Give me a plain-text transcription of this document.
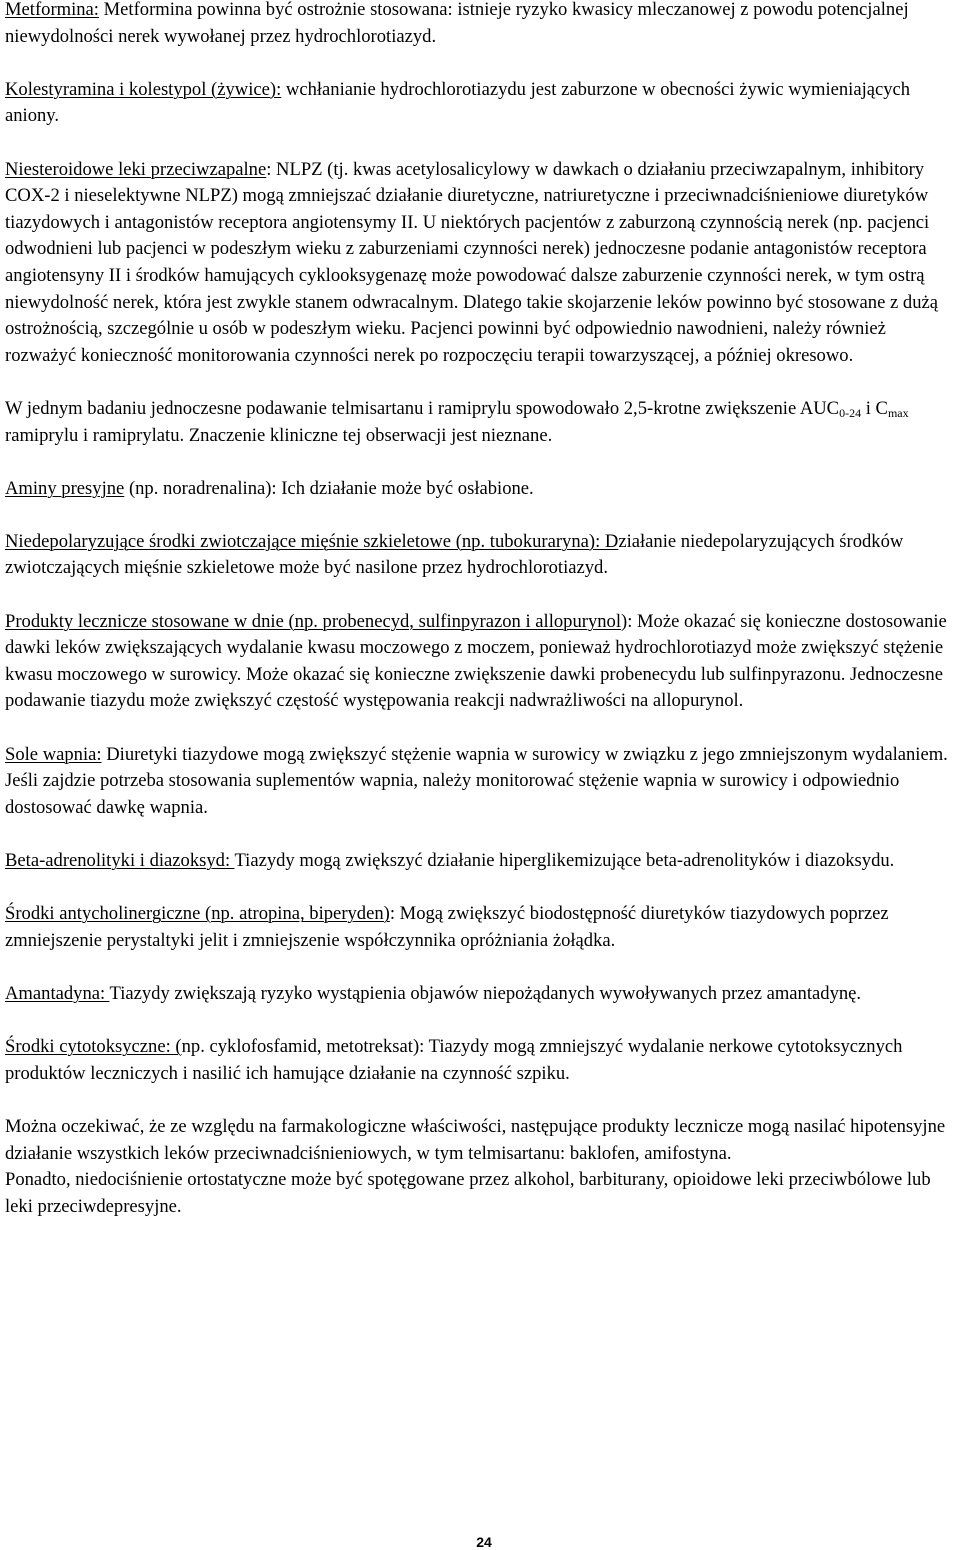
Metformina: Metformina powinna być ostrożnie stosowana: istnieje ryzyko kwasicy mleczanowej z powodu potencjalnej niewydolności nerek wywołanej przez hydrochlorotiazyd.

Kolestyramina i kolestypol (żywice): wchłanianie hydrochlorotiazydu jest zaburzone w obecności żywic wymieniających aniony.

Niesteroidowe leki przeciwzapalne: NLPZ (tj. kwas acetylosalicylowy w dawkach o działaniu przeciwzapalnym, inhibitory COX-2 i nieselektywne NLPZ) mogą zmniejszać działanie diuretyczne, natriuretyczne i przeciwnadciśnieniowe diuretyków tiazydowych i antagonistów receptora angiotensymy II. U niektórych pacjentów z zaburzoną czynnością nerek (np. pacjenci odwodnieni lub pacjenci w podeszłym wieku z zaburzeniami czynności nerek) jednoczesne podanie antagonistów receptora angiotensyny II i środków hamujących cyklooksygenazę może powodować dalsze zaburzenie czynności nerek, w tym ostrą niewydolność nerek, która jest zwykle stanem odwracalnym. Dlatego takie skojarzenie leków powinno być stosowane z dużą ostrożnością, szczególnie u osób w podeszłym wieku. Pacjenci powinni być odpowiednio nawodnieni, należy również rozważyć konieczność monitorowania czynności nerek po rozpoczęciu terapii towarzyszącej, a później okresowo.

W jednym badaniu jednoczesne podawanie telmisartanu i ramiprylu spowodowało 2,5-krotne zwiększenie $AUC_{0-24}$ i $C_{max}$ ramiprylu i ramiprylatu. Znaczenie kliniczne tej obserwacji jest nieznane.

Aminy presyjne (np. noradrenalina): Ich działanie może być osłabione.

Niedepolaryzujące środki zwiotczające mięśnie szkieletowe (np. tubokuraryna): Działanie niedepolaryzujących środków zwiotczających mięśnie szkieletowe może być nasilone przez hydrochlorotiazyd.

Produkty lecznicze stosowane w dnie (np. probenecyd, sulfinpyrazon i allopurynol): Może okazać się konieczne dostosowanie dawki leków zwiększających wydalanie kwasu moczowego z moczem, ponieważ hydrochlorotiazyd może zwiększyć stężenie kwasu moczowego w surowicy. Może okazać się konieczne zwiększenie dawki probenecydu lub sulfinpyrazonu. Jednoczesne podawanie tiazydu może zwiększyć częstość występowania reakcji nadwrażliwości na allopurynol.

Sole wapnia: Diuretyki tiazydowe mogą zwiększyć stężenie wapnia w surowicy w związku z jego zmniejszonym wydalaniem. Jeśli zajdzie potrzeba stosowania suplementów wapnia, należy monitorować stężenie wapnia w surowicy i odpowiednio dostosować dawkę wapnia.

Beta-adrenolityki i diazoksyd: Tiazydy mogą zwiększyć działanie hiperglikemizujące beta-adrenolityków i diazoksydu.

Środki antycholinergiczne (np. atropina, biperyden): Mogą zwiększyć biodostępność diuretyków tiazydowych poprzez zmniejszenie perystaltyki jelit i zmniejszenie współczynnika opróżniania żołądka.

Amantadyna: Tiazydy zwiększają ryzyko wystąpienia objawów niepożądanych wywoływanych przez amantadynę.

Środki cytotoksyczne: (np. cyklofosfamid, metotreksat): Tiazydy mogą zmniejszyć wydalanie nerkowe cytotoksycznych produktów leczniczych i nasilić ich hamujące działanie na czynność szpiku.

Można oczekiwać, że ze względu na farmakologiczne właściwości, następujące produkty lecznicze mogą nasilać hipotensyjne działanie wszystkich leków przeciwnadciśnieniowych, w tym telmisartanu: baklofen, amifostyna.

Ponadto, niedociśnienie ortostatyczne może być spotęgowane przez alkohol, barbiturany, opioidowe leki przeciwbólowe lub leki przeciwdepresyjne.

24
